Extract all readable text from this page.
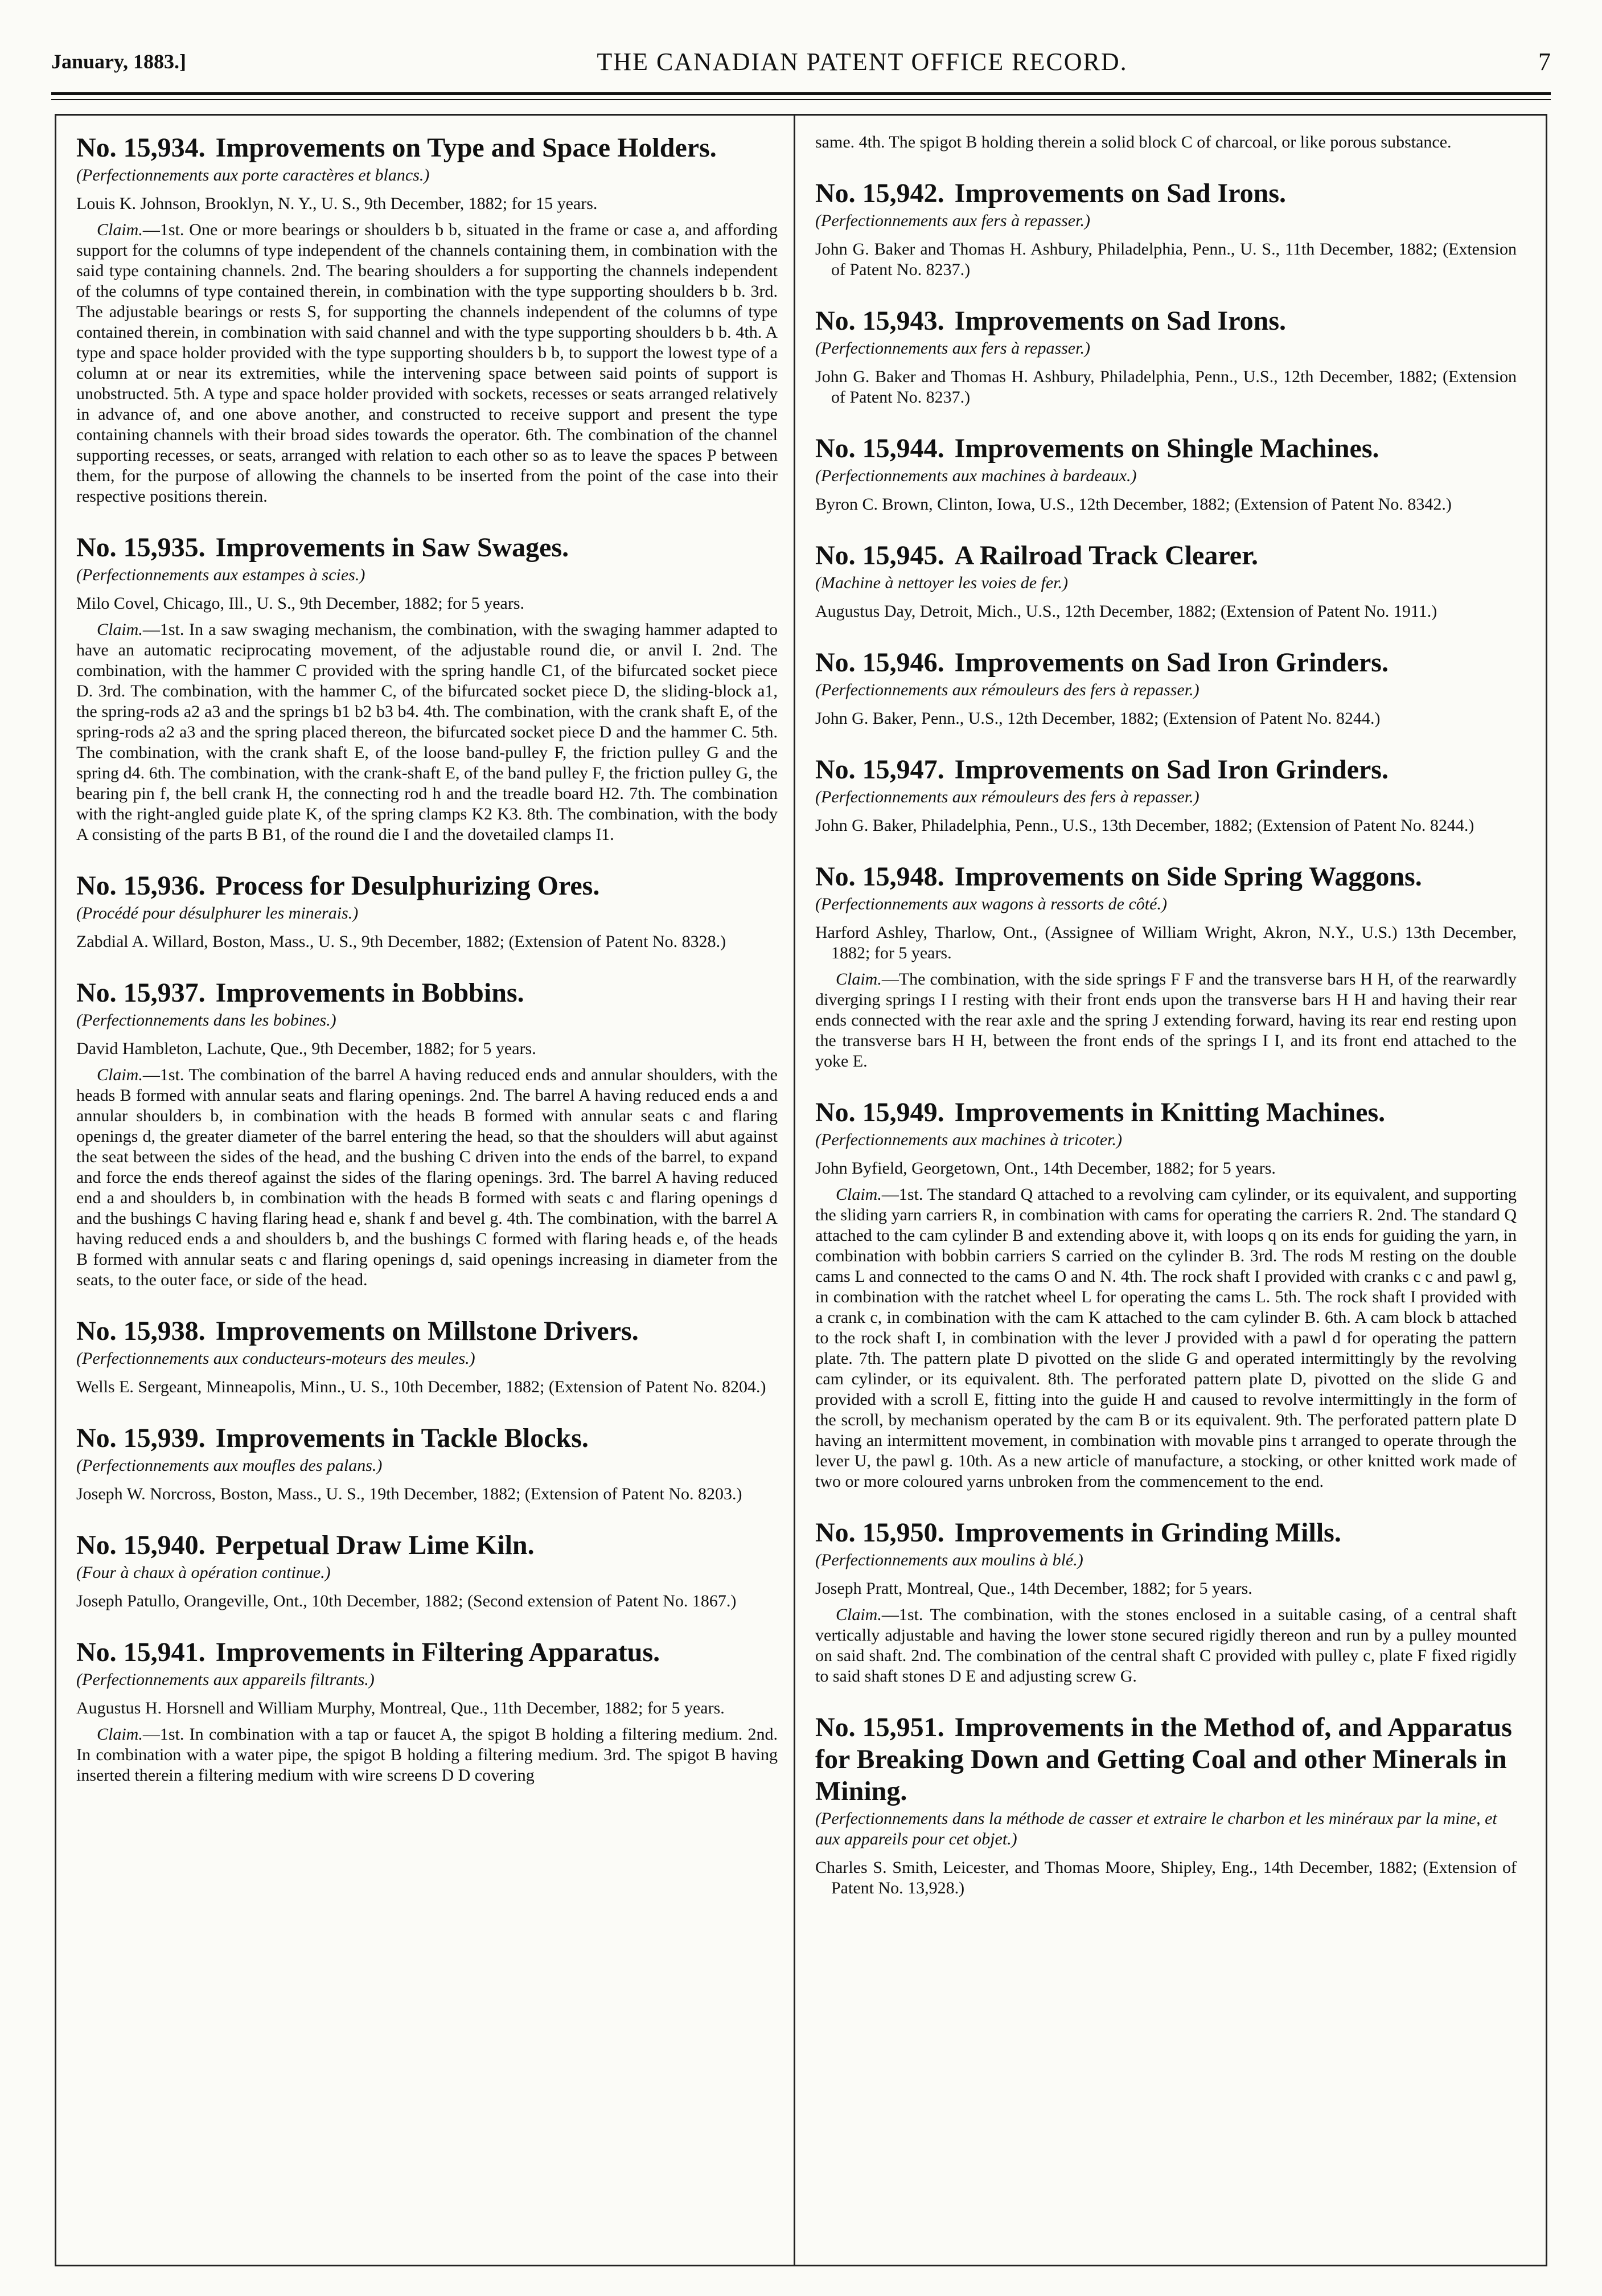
January, 1883.]	THE CANADIAN PATENT OFFICE RECORD.	7
No. 15,934. Improvements on Type and Space Holders.

(Perfectionnements aux porte caractères et blancs.)

Louis K. Johnson, Brooklyn, N. Y., U. S., 9th December, 1882; for 15 years.

Claim.—1st. One or more bearings or shoulders b b, situated in the frame or case a, and affording support for the columns of type independent of the channels containing them, in combination with the said type containing channels. 2nd. The bearing shoulders a for supporting the channels independent of the columns of type contained therein, in combination with the type supporting shoulders b b. 3rd. The adjustable bearings or rests S, for supporting the channels independent of the columns of type contained therein, in combination with said channel and with the type supporting shoulders b b. 4th. A type and space holder provided with the type supporting shoulders b b, to support the lowest type of a column at or near its extremities, while the intervening space between said points of support is unobstructed. 5th. A type and space holder provided with sockets, recesses or seats arranged relatively in advance of, and one above another, and constructed to receive support and present the type containing channels with their broad sides towards the operator. 6th. The combination of the channel supporting recesses, or seats, arranged with relation to each other so as to leave the spaces P between them, for the purpose of allowing the channels to be inserted from the point of the case into their respective positions therein.

No. 15,935. Improvements in Saw Swages.

(Perfectionnements aux estampes à scies.)

Milo Covel, Chicago, Ill., U. S., 9th December, 1882; for 5 years.

Claim.—1st. In a saw swaging mechanism, the combination, with the swaging hammer adapted to have an automatic reciprocating movement, of the adjustable round die, or anvil I. 2nd. The combination, with the hammer C provided with the spring handle C1, of the bifurcated socket piece D. 3rd. The combination, with the hammer C, of the bifurcated socket piece D, the sliding-block a1, the spring-rods a2 a3 and the springs b1 b2 b3 b4. 4th. The combination, with the crank shaft E, of the spring-rods a2 a3 and the spring placed thereon, the bifurcated socket piece D and the hammer C. 5th. The combination, with the crank shaft E, of the loose band-pulley F, the friction pulley G and the spring d4. 6th. The combination, with the crank-shaft E, of the band pulley F, the friction pulley G, the bearing pin f, the bell crank H, the connecting rod h and the treadle board H2. 7th. The combination with the right-angled guide plate K, of the spring clamps K2 K3. 8th. The combination, with the body A consisting of the parts B B1, of the round die I and the dovetailed clamps I1.

No. 15,936. Process for Desulphurizing Ores.

(Procédé pour désulphurer les minerais.)

Zabdial A. Willard, Boston, Mass., U. S., 9th December, 1882; (Extension of Patent No. 8328.)

No. 15,937. Improvements in Bobbins.

(Perfectionnements dans les bobines.)

David Hambleton, Lachute, Que., 9th December, 1882; for 5 years.

Claim.—1st. The combination of the barrel A having reduced ends and annular shoulders, with the heads B formed with annular seats and flaring openings. 2nd. The barrel A having reduced ends a and annular shoulders b, in combination with the heads B formed with annular seats c and flaring openings d, the greater diameter of the barrel entering the head, so that the shoulders will abut against the seat between the sides of the head, and the bushing C driven into the ends of the barrel, to expand and force the ends thereof against the sides of the flaring openings. 3rd. The barrel A having reduced end a and shoulders b, in combination with the heads B formed with seats c and flaring openings d and the bushings C having flaring head e, shank f and bevel g. 4th. The combination, with the barrel A having reduced ends a and shoulders b, and the bushings C formed with flaring heads e, of the heads B formed with annular seats c and flaring openings d, said openings increasing in diameter from the seats, to the outer face, or side of the head.

No. 15,938. Improvements on Millstone Drivers.

(Perfectionnements aux conducteurs-moteurs des meules.)

Wells E. Sergeant, Minneapolis, Minn., U. S., 10th December, 1882; (Extension of Patent No. 8204.)

No. 15,939. Improvements in Tackle Blocks.

(Perfectionnements aux moufles des palans.)

Joseph W. Norcross, Boston, Mass., U. S., 19th December, 1882; (Extension of Patent No. 8203.)

No. 15,940. Perpetual Draw Lime Kiln.

(Four à chaux à opération continue.)

Joseph Patullo, Orangeville, Ont., 10th December, 1882; (Second extension of Patent No. 1867.)

No. 15,941. Improvements in Filtering Apparatus.

(Perfectionnements aux appareils filtrants.)

Augustus H. Horsnell and William Murphy, Montreal, Que., 11th December, 1882; for 5 years.

Claim.—1st. In combination with a tap or faucet A, the spigot B holding a filtering medium. 2nd. In combination with a water pipe, the spigot B holding a filtering medium. 3rd. The spigot B having inserted therein a filtering medium with wire screens D D covering

same. 4th. The spigot B holding therein a solid block C of charcoal, or like porous substance.

No. 15,942. Improvements on Sad Irons.

(Perfectionnements aux fers à repasser.)

John G. Baker and Thomas H. Ashbury, Philadelphia, Penn., U. S., 11th December, 1882; (Extension of Patent No. 8237.)

No. 15,943. Improvements on Sad Irons.

(Perfectionnements aux fers à repasser.)

John G. Baker and Thomas H. Ashbury, Philadelphia, Penn., U.S., 12th December, 1882; (Extension of Patent No. 8237.)

No. 15,944. Improvements on Shingle Machines.

(Perfectionnements aux machines à bardeaux.)

Byron C. Brown, Clinton, Iowa, U.S., 12th December, 1882; (Extension of Patent No. 8342.)

No. 15,945. A Railroad Track Clearer.

(Machine à nettoyer les voies de fer.)

Augustus Day, Detroit, Mich., U.S., 12th December, 1882; (Extension of Patent No. 1911.)

No. 15,946. Improvements on Sad Iron Grinders.

(Perfectionnements aux rémouleurs des fers à repasser.)

John G. Baker, Penn., U.S., 12th December, 1882; (Extension of Patent No. 8244.)

No. 15,947. Improvements on Sad Iron Grinders.

(Perfectionnements aux rémouleurs des fers à repasser.)

John G. Baker, Philadelphia, Penn., U.S., 13th December, 1882; (Extension of Patent No. 8244.)

No. 15,948. Improvements on Side Spring Waggons.

(Perfectionnements aux wagons à ressorts de côté.)

Harford Ashley, Tharlow, Ont., (Assignee of William Wright, Akron, N.Y., U.S.) 13th December, 1882; for 5 years.

Claim.—The combination, with the side springs F F and the transverse bars H H, of the rearwardly diverging springs I I resting with their front ends upon the transverse bars H H and having their rear ends connected with the rear axle and the spring J extending forward, having its rear end resting upon the transverse bars H H, between the front ends of the springs I I, and its front end attached to the yoke E.

No. 15,949. Improvements in Knitting Machines.

(Perfectionnements aux machines à tricoter.)

John Byfield, Georgetown, Ont., 14th December, 1882; for 5 years.

Claim.—1st. The standard Q attached to a revolving cam cylinder, or its equivalent, and supporting the sliding yarn carriers R, in combination with cams for operating the carriers R. 2nd. The standard Q attached to the cam cylinder B and extending above it, with loops q on its ends for guiding the yarn, in combination with bobbin carriers S carried on the cylinder B. 3rd. The rods M resting on the double cams L and connected to the cams O and N. 4th. The rock shaft I provided with cranks c c and pawl g, in combination with the ratchet wheel L for operating the cams L. 5th. The rock shaft I provided with a crank c, in combination with the cam K attached to the cam cylinder B. 6th. A cam block b attached to the rock shaft I, in combination with the lever J provided with a pawl d for operating the pattern plate. 7th. The pattern plate D pivotted on the slide G and operated intermittingly by the revolving cam cylinder, or its equivalent. 8th. The perforated pattern plate D, pivotted on the slide G and provided with a scroll E, fitting into the guide H and caused to revolve intermittingly in the form of the scroll, by mechanism operated by the cam B or its equivalent. 9th. The perforated pattern plate D having an intermittent movement, in combination with movable pins t arranged to operate through the lever U, the pawl g. 10th. As a new article of manufacture, a stocking, or other knitted work made of two or more coloured yarns unbroken from the commencement to the end.

No. 15,950. Improvements in Grinding Mills.

(Perfectionnements aux moulins à blé.)

Joseph Pratt, Montreal, Que., 14th December, 1882; for 5 years.

Claim.—1st. The combination, with the stones enclosed in a suitable casing, of a central shaft vertically adjustable and having the lower stone secured rigidly thereon and run by a pulley mounted on said shaft. 2nd. The combination of the central shaft C provided with pulley c, plate F fixed rigidly to said shaft stones D E and adjusting screw G.

No. 15,951. Improvements in the Method of, and Apparatus for Breaking Down and Getting Coal and other Minerals in Mining.

(Perfectionnements dans la méthode de casser et extraire le charbon et les minéraux par la mine, et aux appareils pour cet objet.)

Charles S. Smith, Leicester, and Thomas Moore, Shipley, Eng., 14th December, 1882; (Extension of Patent No. 13,928.)
